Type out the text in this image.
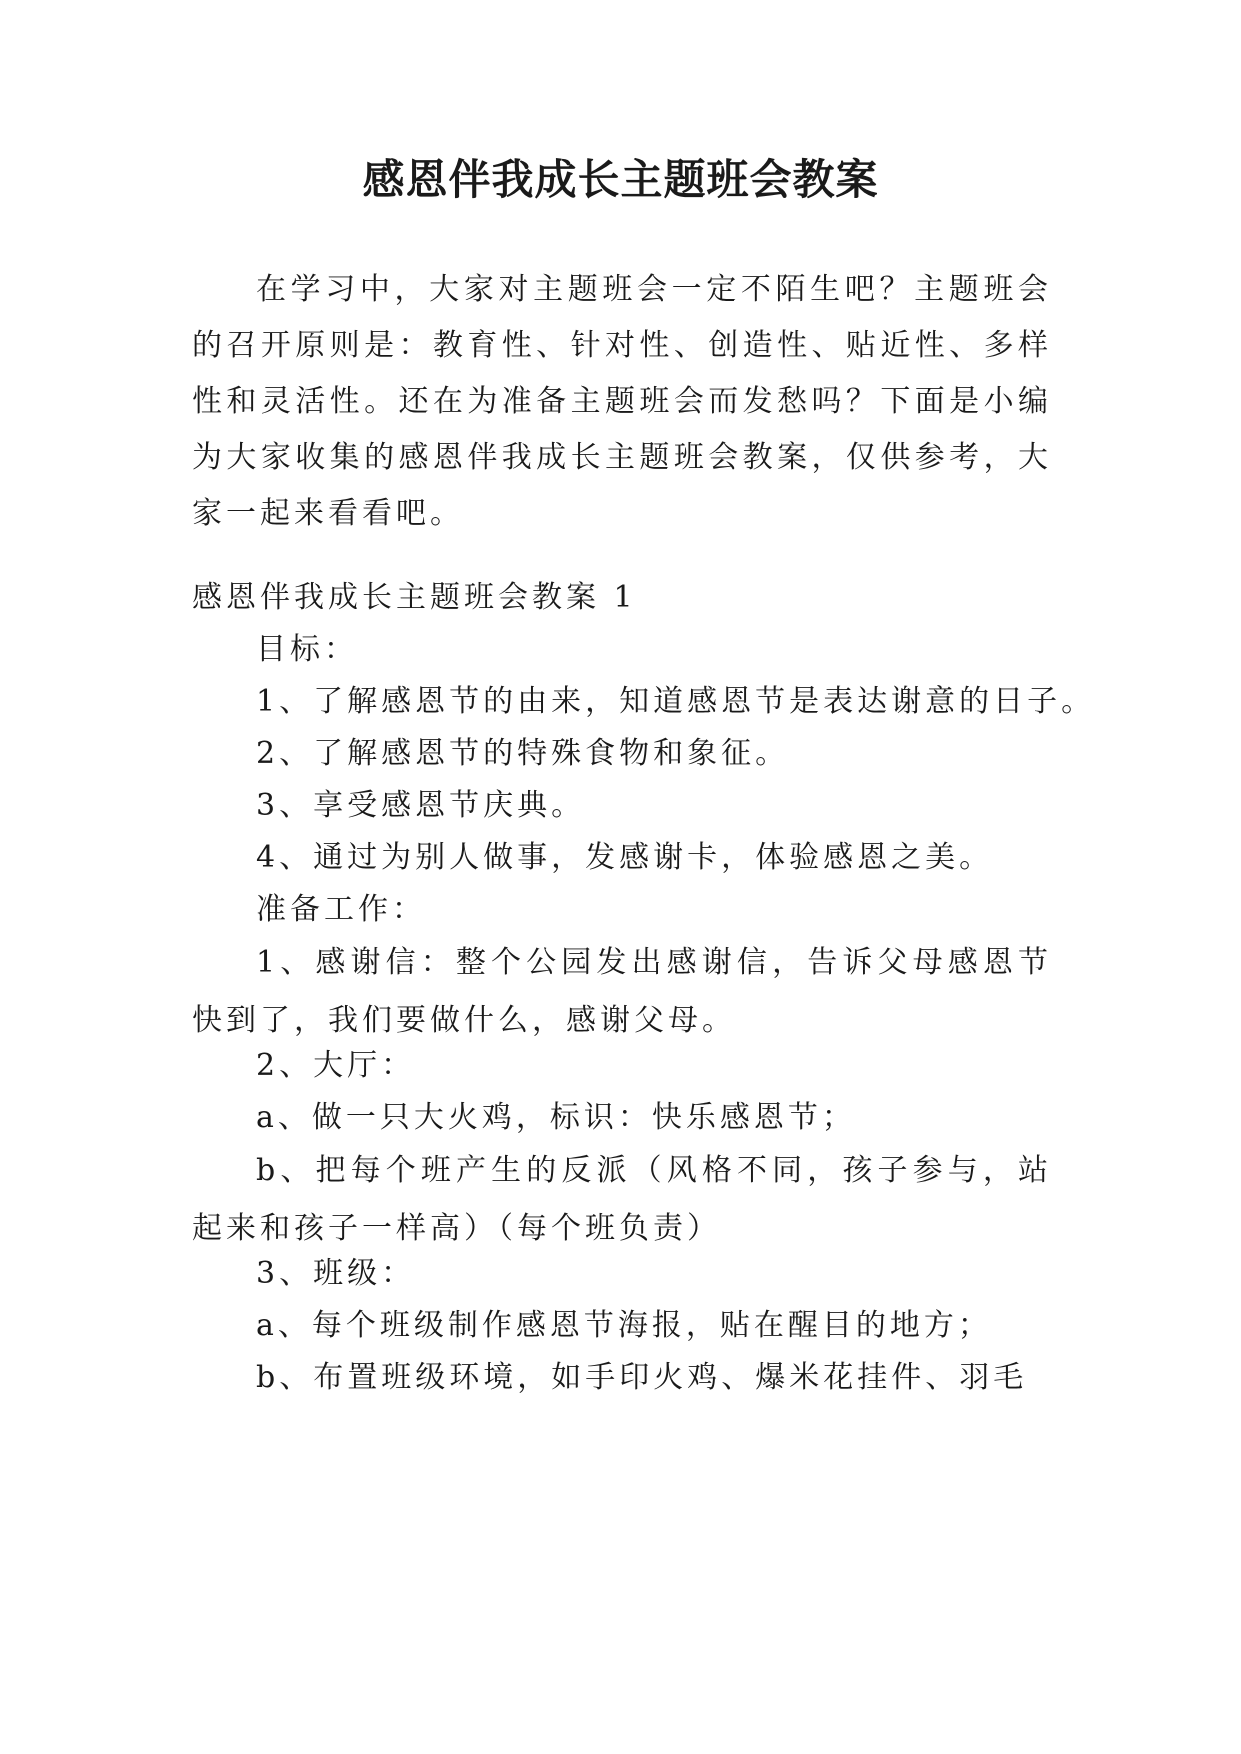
感恩伴我成长主题班会教案

在学习中，大家对主题班会一定不陌生吧？主题班会的召开原则是：教育性、针对性、创造性、贴近性、多样性和灵活性。还在为准备主题班会而发愁吗？下面是小编为大家收集的感恩伴我成长主题班会教案，仅供参考，大家一起来看看吧。

感恩伴我成长主题班会教案 1
目标：
1、了解感恩节的由来，知道感恩节是表达谢意的日子。
2、了解感恩节的特殊食物和象征。
3、享受感恩节庆典。
4、通过为别人做事，发感谢卡，体验感恩之美。
准备工作：

1、感谢信：整个公园发出感谢信，告诉父母感恩节快到了，我们要做什么，感谢父母。

2、大厅：
a、做一只大火鸡，标识：快乐感恩节；

b、把每个班产生的反派（风格不同，孩子参与，站起来和孩子一样高）（每个班负责）

3、班级：
a、每个班级制作感恩节海报，贴在醒目的地方；
b、布置班级环境，如手印火鸡、爆米花挂件、羽毛
